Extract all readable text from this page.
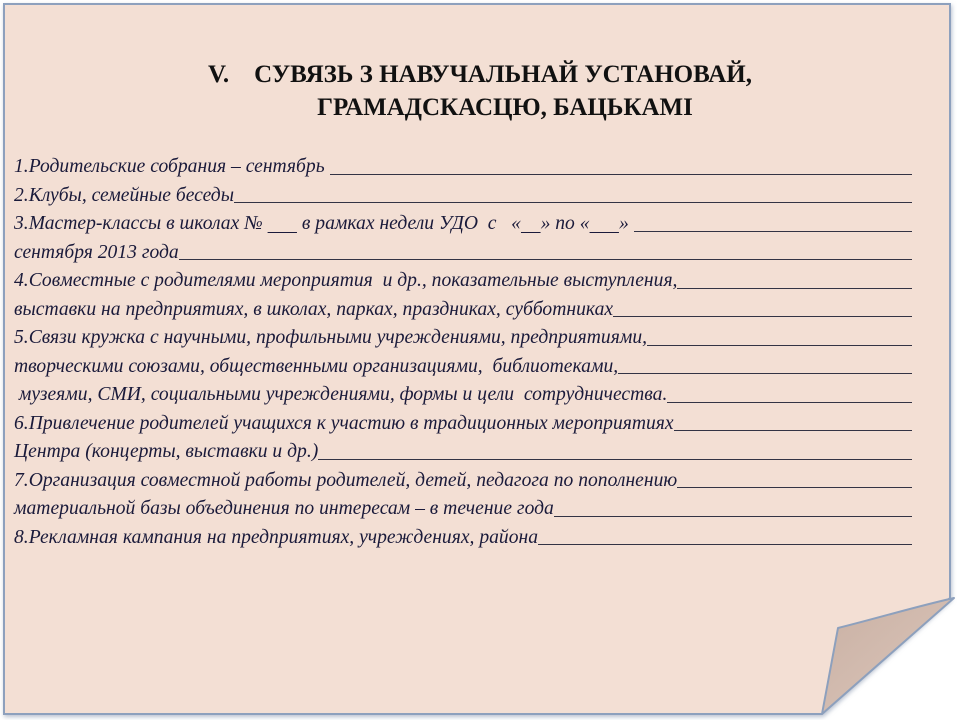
V.    СУВЯЗЬ З НАВУЧАЛЬНАЙ УСТАНОВАЙ,
ГРАМАДСКАСЦЮ, БАЦЬКАМІ
1.Родительские собрания – сентябрь
2.Клубы, семейные беседы
3.Мастер-классы в школах №
в рамках недели УДО  с   «
» по «
»
сентября 2013 года
4.Совместные с родителями мероприятия  и др., показательные выступления,
выставки на предприятиях, в школах, парках, праздниках, субботниках
5.Связи кружка с научными, профильными учреждениями, предприятиями,
творческими союзами, общественными организациями,  библиотеками,
музеями, СМИ, социальными учреждениями, формы и цели  сотрудничества.
6.Привлечение родителей учащихся к участию в традиционных мероприятиях
Центра (концерты, выставки и др.)
7.Организация совместной работы родителей, детей, педагога по пополнению
материальной базы объединения по интересам – в течение года
8.Рекламная кампания на предприятиях, учреждениях, района
